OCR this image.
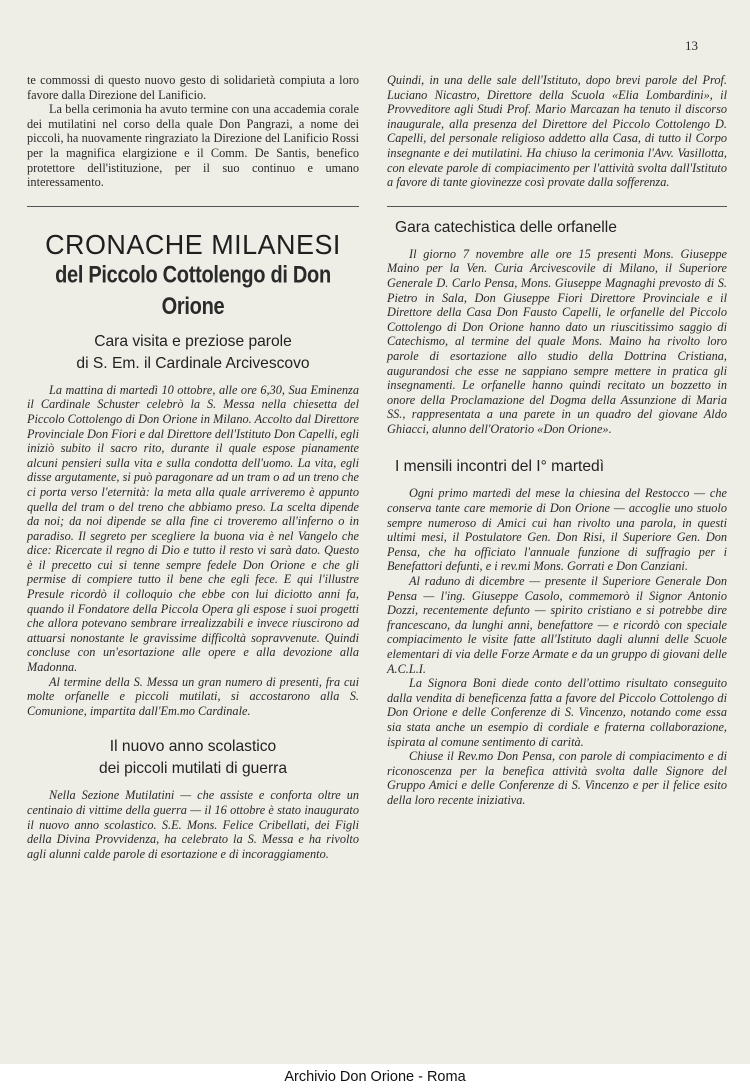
13

te commossi di questo nuovo gesto di solidarietà compiuta a loro favore dalla Direzione del Lanificio.

La bella cerimonia ha avuto termine con una accademia corale dei mutilatini nel corso della quale Don Pangrazi, a nome dei piccoli, ha nuovamente ringraziato la Direzione del Lanificio Rossi per la magnifica elargizione e il Comm. De Santis, benefico protettore dell'istituzione, per il suo continuo e umano interessamento.

CRONACHE MILANESI
del Piccolo Cottolengo di Don Orione
Cara visita e preziose parole
di S. Em. il Cardinale Arcivescovo

La mattina di martedì 10 ottobre, alle ore 6,30, Sua Eminenza il Cardinale Schuster celebrò la S. Messa nella chiesetta del Piccolo Cottolengo di Don Orione in Milano. Accolto dal Direttore Provinciale Don Fiori e dal Direttore dell'Istituto Don Capelli, egli iniziò subito il sacro rito, durante il quale espose pianamente alcuni pensieri sulla vita e sulla condotta dell'uomo. La vita, egli disse argutamente, si può paragonare ad un tram o ad un treno che ci porta verso l'eternità: la meta alla quale arriveremo è appunto quella del tram o del treno che abbiamo preso. La scelta dipende da noi; da noi dipende se alla fine ci troveremo all'inferno o in paradiso. Il segreto per scegliere la buona via è nel Vangelo che dice: Ricercate il regno di Dio e tutto il resto vi sarà dato. Questo è il precetto cui si tenne sempre fedele Don Orione e che gli permise di compiere tutto il bene che egli fece. E qui l'illustre Presule ricordò il colloquio che ebbe con lui diciotto anni fa, quando il Fondatore della Piccola Opera gli espose i suoi progetti che allora potevano sembrare irrealizzabili e invece riuscirono ad attuarsi nonostante le gravissime difficoltà sopravvenute. Quindi concluse con un'esortazione alle opere e alla devozione alla Madonna.

Al termine della S. Messa un gran numero di presenti, fra cui molte orfanelle e piccoli mutilati, si accostarono alla S. Comunione, impartita dall'Em.mo Cardinale.

Il nuovo anno scolastico
dei piccoli mutilati di guerra

Nella Sezione Mutilatini — che assiste e conforta oltre un centinaio di vittime della guerra — il 16 ottobre è stato inaugurato il nuovo anno scolastico. S.E. Mons. Felice Cribellati, dei Figli della Divina Provvidenza, ha celebrato la S. Messa e ha rivolto agli alunni calde parole di esortazione e di incoraggiamento.

Quindi, in una delle sale dell'Istituto, dopo brevi parole del Prof. Luciano Nicastro, Direttore della Scuola «Elia Lombardini», il Provveditore agli Studi Prof. Mario Marcazan ha tenuto il discorso inaugurale, alla presenza del Direttore del Piccolo Cottolengo D. Capelli, del personale religioso addetto alla Casa, di tutto il Corpo insegnante e dei mutilatini. Ha chiuso la cerimonia l'Avv. Vasillotta, con elevate parole di compiacimento per l'attività svolta dall'Istituto a favore di tante giovinezze così provate dalla sofferenza.

Gara catechistica delle orfanelle

Il giorno 7 novembre alle ore 15 presenti Mons. Giuseppe Maino per la Ven. Curia Arcivescovile di Milano, il Superiore Generale D. Carlo Pensa, Mons. Giuseppe Magnaghi prevosto di S. Pietro in Sala, Don Giuseppe Fiori Direttore Provinciale e il Direttore della Casa Don Fausto Capelli, le orfanelle del Piccolo Cottolengo di Don Orione hanno dato un riuscitissimo saggio di Catechismo, al termine del quale Mons. Maino ha rivolto loro parole di esortazione allo studio della Dottrina Cristiana, augurandosi che esse ne sappiano sempre mettere in pratica gli insegnamenti. Le orfanelle hanno quindi recitato un bozzetto in onore della Proclamazione del Dogma della Assunzione di Maria SS., rappresentata a una parete in un quadro del giovane Aldo Ghiacci, alunno dell'Oratorio «Don Orione».

I mensili incontri del I° martedì

Ogni primo martedì del mese la chiesina del Restocco — che conserva tante care memorie di Don Orione — accoglie uno stuolo sempre numeroso di Amici cui han rivolto una parola, in questi ultimi mesi, il Postulatore Gen. Don Risi, il Superiore Gen. Don Pensa, che ha officiato l'annuale funzione di suffragio per i Benefattori defunti, e i rev.mi Mons. Gorrati e Don Canziani.

Al raduno di dicembre — presente il Superiore Generale Don Pensa — l'ing. Giuseppe Casolo, commemorò il Signor Antonio Dozzi, recentemente defunto — spirito cristiano e si potrebbe dire francescano, da lunghi anni, benefattore — e ricordò con speciale compiacimento le visite fatte all'Istituto dagli alunni delle Scuole elementari di via delle Forze Armate e da un gruppo di giovani delle A.C.L.I.

La Signora Boni diede conto dell'ottimo risultato conseguito dalla vendita di beneficenza fatta a favore del Piccolo Cottolengo di Don Orione e delle Conferenze di S. Vincenzo, notando come essa sia stata anche un esempio di cordiale e fraterna collaborazione, ispirata al comune sentimento di carità.

Chiuse il Rev.mo Don Pensa, con parole di compiacimento e di riconoscenza per la benefica attività svolta dalle Signore del Gruppo Amici e delle Conferenze di S. Vincenzo e per il felice esito della loro recente iniziativa.

Archivio Don Orione - Roma
